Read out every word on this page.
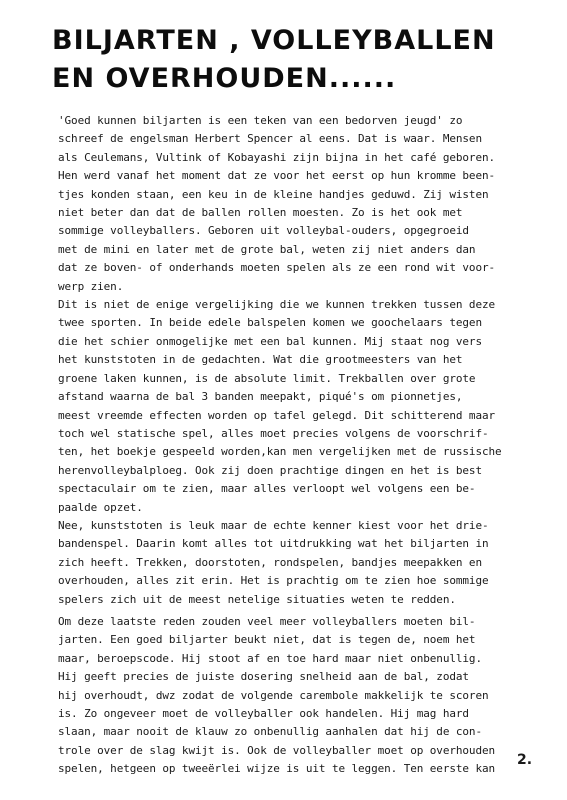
BILJARTEN , VOLLEYBALLEN
EN OVERHOUDEN......
'Goed kunnen biljarten is een teken van een bedorven jeugd' zo
schreef de engelsman Herbert Spencer al eens. Dat is waar. Mensen
als Ceulemans, Vultink of Kobayashi zijn bijna in het café geboren.
Hen werd vanaf het moment dat ze voor het eerst op hun kromme been-
tjes konden staan, een keu in de kleine handjes geduwd. Zij wisten
niet beter dan dat de ballen rollen moesten. Zo is het ook met
sommige volleyballers. Geboren uit volleybal-ouders, opgegroeid
met de mini en later met de grote bal, weten zij niet anders dan
dat ze boven- of onderhands moeten spelen als ze een rond wit voor-
werp zien.
Dit is niet de enige vergelijking die we kunnen trekken tussen deze
twee sporten. In beide edele balspelen komen we goochelaars tegen
die het schier onmogelijke met een bal kunnen. Mij staat nog vers
het kunststoten in de gedachten. Wat die grootmeesters van het
groene laken kunnen, is de absolute limit. Trekballen over grote
afstand waarna de bal 3 banden meepakt, piqué's om pionnetjes,
meest vreemde effecten worden op tafel gelegd. Dit schitterend maar
toch wel statische spel, alles moet precies volgens de voorschrif-
ten, het boekje gespeeld worden,kan men vergelijken met de russische
herenvolleybalploeg. Ook zij doen prachtige dingen en het is best
spectaculair om te zien, maar alles verloopt wel volgens een be-
paalde opzet.
Nee, kunststoten is leuk maar de echte kenner kiest voor het drie-
bandenspel. Daarin komt alles tot uitdrukking wat het biljarten in
zich heeft. Trekken, doorstoten, rondspelen, bandjes meepakken en
overhouden, alles zit erin. Het is prachtig om te zien hoe sommige
spelers zich uit de meest netelige situaties weten te redden.
Om deze laatste reden zouden veel meer volleyballers moeten bil-
jarten. Een goed biljarter beukt niet, dat is tegen de, noem het
maar, beroepscode. Hij stoot af en toe hard maar niet onbenullig.
Hij geeft precies de juiste dosering snelheid aan de bal, zodat
hij overhoudt, dwz zodat de volgende carembole makkelijk te scoren
is. Zo ongeveer moet de volleyballer ook handelen. Hij mag hard
slaan, maar nooit de klauw zo onbenullig aanhalen dat hij de con-
trole over de slag kwijt is. Ook de volleyballer moet op overhouden
spelen, hetgeen op tweeërlei wijze is uit te leggen. Ten eerste kan
2.
